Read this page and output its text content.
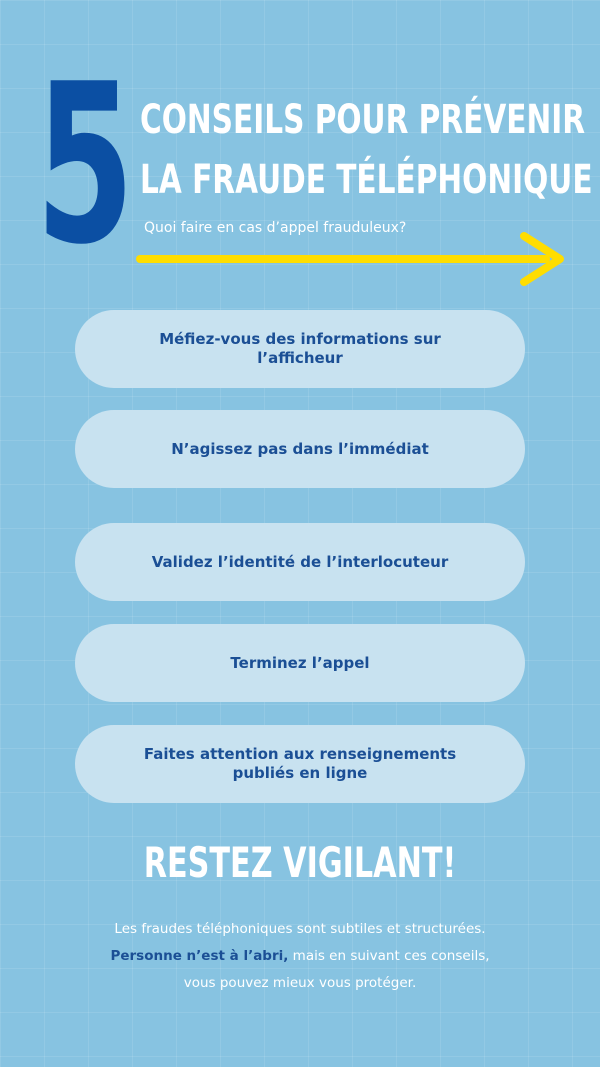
5 CONSEILS POUR PRÉVENIR
LA FRAUDE TÉLÉPHONIQUE
Quoi faire en cas d’appel frauduleux?
Méfiez-vous des informations sur
l’afficheur
N’agissez pas dans l’immédiat
Validez l’identité de l’interlocuteur
Terminez l’appel
Faites attention aux renseignements
publiés en ligne
RESTEZ VIGILANT!
Les fraudes téléphoniques sont subtiles et structurées.
Personne n’est à l’abri, mais en suivant ces conseils,
vous pouvez mieux vous protéger.
